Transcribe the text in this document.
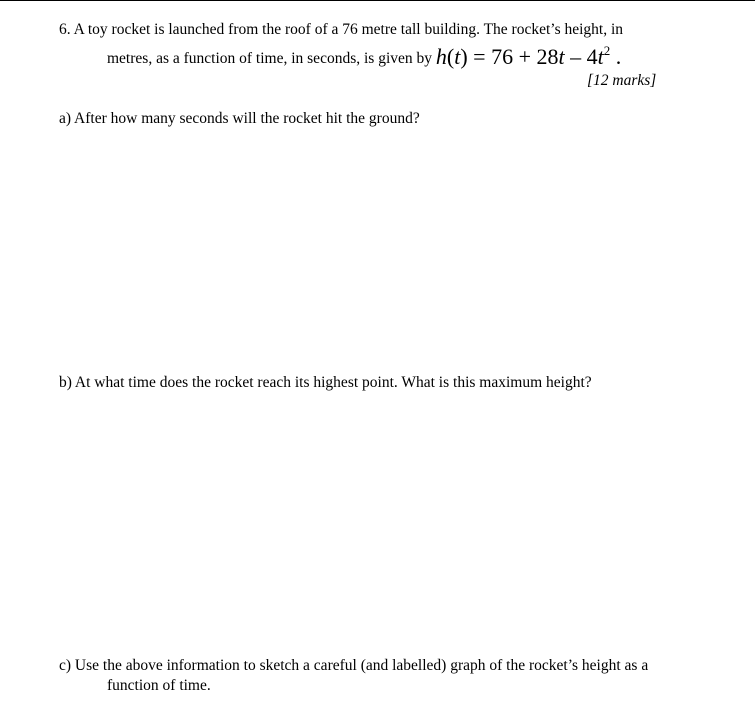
6. A toy rocket is launched from the roof of a 76 metre tall building. The rocket’s height, in
metres, as a function of time, in seconds, is given by $h(t) = 76 + 28t - 4t^2$ .
[12 marks]
a) After how many seconds will the rocket hit the ground?
b) At what time does the rocket reach its highest point. What is this maximum height?
c) Use the above information to sketch a careful (and labelled) graph of the rocket’s height as a
function of time.
